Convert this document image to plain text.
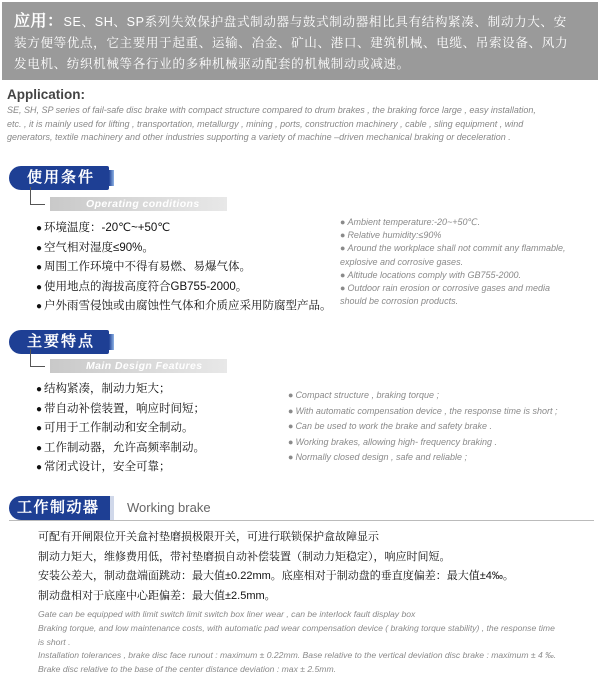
应用：SE、SH、SP系列失效保护盘式制动器与鼓式制动器相比具有结构紧凑、制动力大、安
装方便等优点，它主要用于起重、运输、冶金、矿山、港口、建筑机械、电缆、吊索设备、风力
发电机、纺织机械等各行业的多种机械驱动配套的机械制动或减速。
Application:
SE, SH, SP series of fail-safe disc brake with compact structure compared to drum brakes , the braking force large , easy installation,
etc. , it is mainly used for lifting , transportation, metallurgy , mining , ports, construction machinery , cable , sling equipment , wind
generators, textile machinery and other industries supporting a variety of machine –driven mechanical braking or deceleration .
使用条件
Operating conditions
● 环境温度：-20℃~+50℃
● 空气相对湿度≤90%。
● 周围工作环境中不得有易燃、易爆气体。
● 使用地点的海拔高度符合GB755-2000。
● 户外雨雪侵蚀或由腐蚀性气体和介质应采用防腐型产品。
● Ambient temperature:-20~+50℃.
● Relative humidity:≤90%
● Around the workplace shall not commit any flammable,
explosive and corrosive gases.
● Altitude locations comply with GB755-2000.
● Outdoor rain erosion or corrosive gases and media
should be corrosion products.
主要特点
Main Design Features
● 结构紧凑，制动力矩大；
● 带自动补偿装置，响应时间短；
● 可用于工作制动和安全制动。
● 工作制动器，允许高频率制动。
● 常闭式设计，安全可靠；
● Compact structure , braking torque ;
● With automatic compensation device , the response time is short ;
● Can be used to work the brake and safety brake .
● Working brakes, allowing high- frequency braking .
● Normally closed design , safe and reliable ;
工作制动器	Working brake
可配有开闸限位开关盒衬垫磨损极限开关，可进行联锁保护盒故障显示
制动力矩大，维修费用低，带衬垫磨损自动补偿装置（制动力矩稳定），响应时间短。
安装公差大，制动盘端面跳动：最大值±0.22mm。底座相对于制动盘的垂直度偏差：最大值±4‰。
制动盘相对于底座中心距偏差：最大值±2.5mm。
Gate can be equipped with limit switch limit switch box liner wear , can be interlock fault display box
Braking torque, and low maintenance costs, with automatic pad wear compensation device ( braking torque stability) , the response time
is short .
Installation tolerances , brake disc face runout : maximum ± 0.22mm. Base relative to the vertical deviation disc brake : maximum ± 4 ‰.
Brake disc relative to the base of the center distance deviation : max ± 2.5mm.
